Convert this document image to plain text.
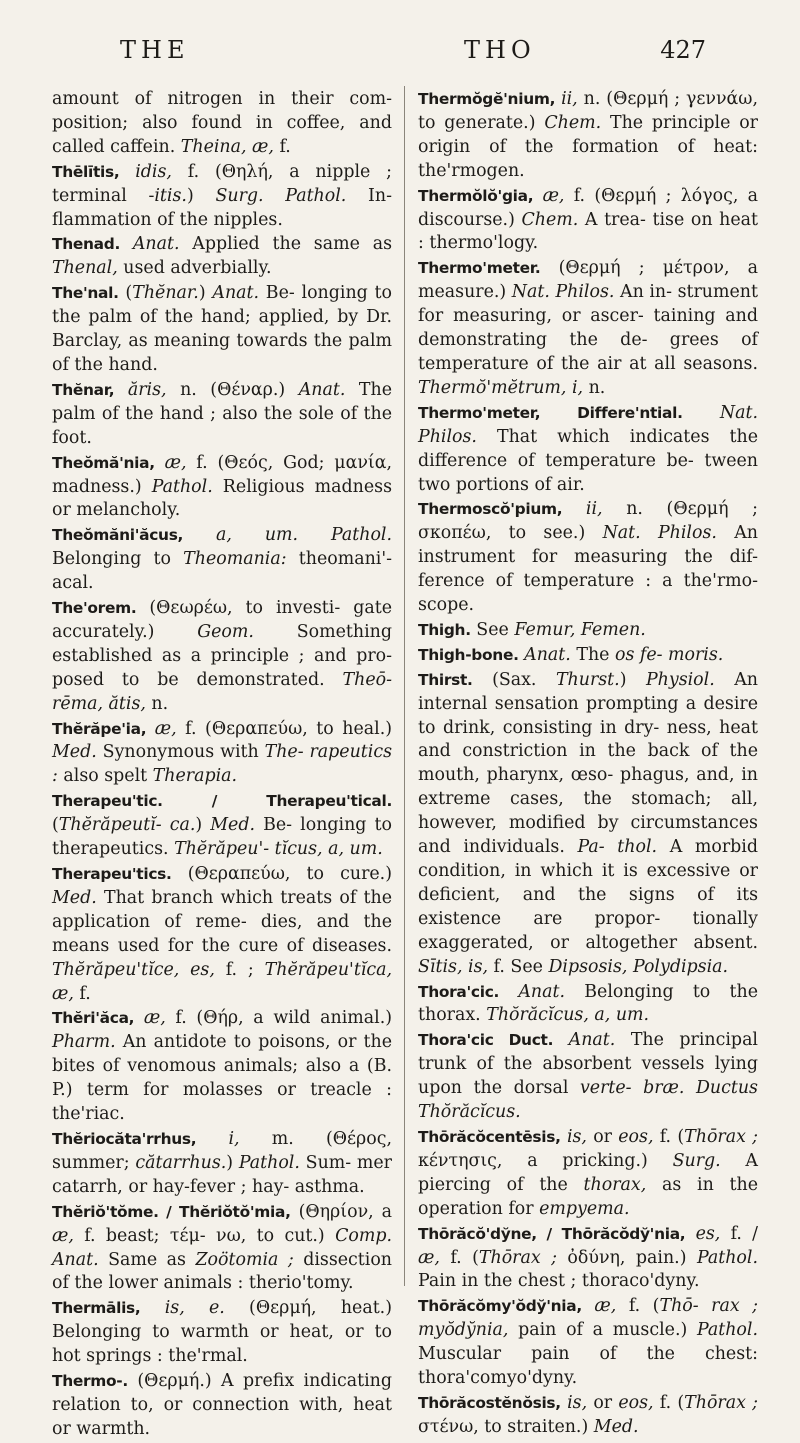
THE	THO	427

amount of nitrogen in their com- position; also found in coffee, and called caffein. Theina, æ, f.

Thēlītis, idis, f. (Θηλή, a nipple ; terminal -itis.) Surg. Pathol. In- flammation of the nipples.

Thenad. Anat. Applied the same as Thenal, used adverbially.

The'nal. (Thĕnar.) Anat. Be- longing to the palm of the hand; applied, by Dr. Barclay, as meaning towards the palm of the hand.

Thĕnar, ăris, n. (Θέναρ.) Anat. The palm of the hand ; also the sole of the foot.

Theŏmă'nia, æ, f. (Θεός, God; μανία, madness.) Pathol. Religious madness or melancholy.

Theŏmăni'ăcus, a, um. Pathol. Belonging to Theomania: theomani'- acal.

The'orem. (Θεωρέω, to investi- gate accurately.) Geom. Something established as a principle ; and pro- posed to be demonstrated. Theō- rēma, ătis, n.

Thĕrăpe'ia, æ, f. (Θεραπεύω, to heal.) Med. Synonymous with The- rapeutics : also spelt Therapia.

Therapeu'tic. / Therapeu'tical. (Thĕrăpeutĭ- ca.) Med. Be- longing to therapeutics. Thĕrăpeu'- tĭcus, a, um.

Therapeu'tics. (Θεραπεύω, to cure.) Med. That branch which treats of the application of reme- dies, and the means used for the cure of diseases. Thĕrăpeu'tĭce, es, f. ; Thĕrăpeu'tĭca, æ, f.

Thĕri'ăca, æ, f. (Θήρ, a wild animal.) Pharm. An antidote to poisons, or the bites of venomous animals; also a (B. P.) term for molasses or treacle : the'riac.

Thĕriocăta'rrhus, i, m. (Θέρος, summer; cătarrhus.) Pathol. Sum- mer catarrh, or hay-fever ; hay- asthma.

Thĕriŏ'tŏme. / Thĕriŏtŏ'mia, (Θηρίον, a æ, f. beast; τέμ- νω, to cut.) Comp. Anat. Same as Zoötomia ; dissection of the lower animals : therio'tomy.

Thermālis, is, e. (Θερμή, heat.) Belonging to warmth or heat, or to hot springs : the'rmal.

Thermo-. (Θερμή.) A prefix indicating relation to, or connection with, heat or warmth.

Thermŏgĕ'nium, ii, n. (Θερμή ; γεννάω, to generate.) Chem. The principle or origin of the formation of heat: the'rmogen.

Thermŏlŏ'gia, æ, f. (Θερμή ; λόγος, a discourse.) Chem. A trea- tise on heat : thermo'logy.

Thermo'meter. (Θερμή ; μέτρον, a measure.) Nat. Philos. An in- strument for measuring, or ascer- taining and demonstrating the de- grees of temperature of the air at all seasons. Thermŏ'mĕtrum, i, n.

Thermo'meter, Differe'ntial. Nat. Philos. That which indicates the difference of temperature be- tween two portions of air.

Thermoscŏ'pium, ii, n. (Θερμή ; σκοπέω, to see.) Nat. Philos. An instrument for measuring the dif- ference of temperature : a the'rmo- scope.

Thigh. See Femur, Femen.

Thigh-bone. Anat. The os fe- moris.

Thirst. (Sax. Thurst.) Physiol. An internal sensation prompting a desire to drink, consisting in dry- ness, heat and constriction in the back of the mouth, pharynx, œso- phagus, and, in extreme cases, the stomach; all, however, modified by circumstances and individuals. Pa- thol. A morbid condition, in which it is excessive or deficient, and the signs of its existence are propor- tionally exaggerated, or altogether absent. Sītis, is, f. See Dipsosis, Polydipsia.

Thora'cic. Anat. Belonging to the thorax. Thŏrăcĭcus, a, um.

Thora'cic Duct. Anat. The principal trunk of the absorbent vessels lying upon the dorsal verte- bræ. Ductus Thŏrăcĭcus.

Thōrăcŏcentēsis, is, or eos, f. (Thōrax ; κέντησις, a pricking.) Surg. A piercing of the thorax, as in the operation for empyema.

Thōrăcŏ'dy̆ne, / Thōrăcŏdy̆'nia, es, f. / æ, f. (Thōrax ; ὀδύνη, pain.) Pathol. Pain in the chest ; thoraco'dyny.

Thōrăcŏmy'ŏdy̆'nia, æ, f. (Thō- rax ; myŏdy̆nia, pain of a muscle.) Pathol. Muscular pain of the chest: thora'comyo'dyny.

Thōrăcostĕnŏsis, is, or eos, f. (Thōrax ; στένω, to straiten.) Med.
